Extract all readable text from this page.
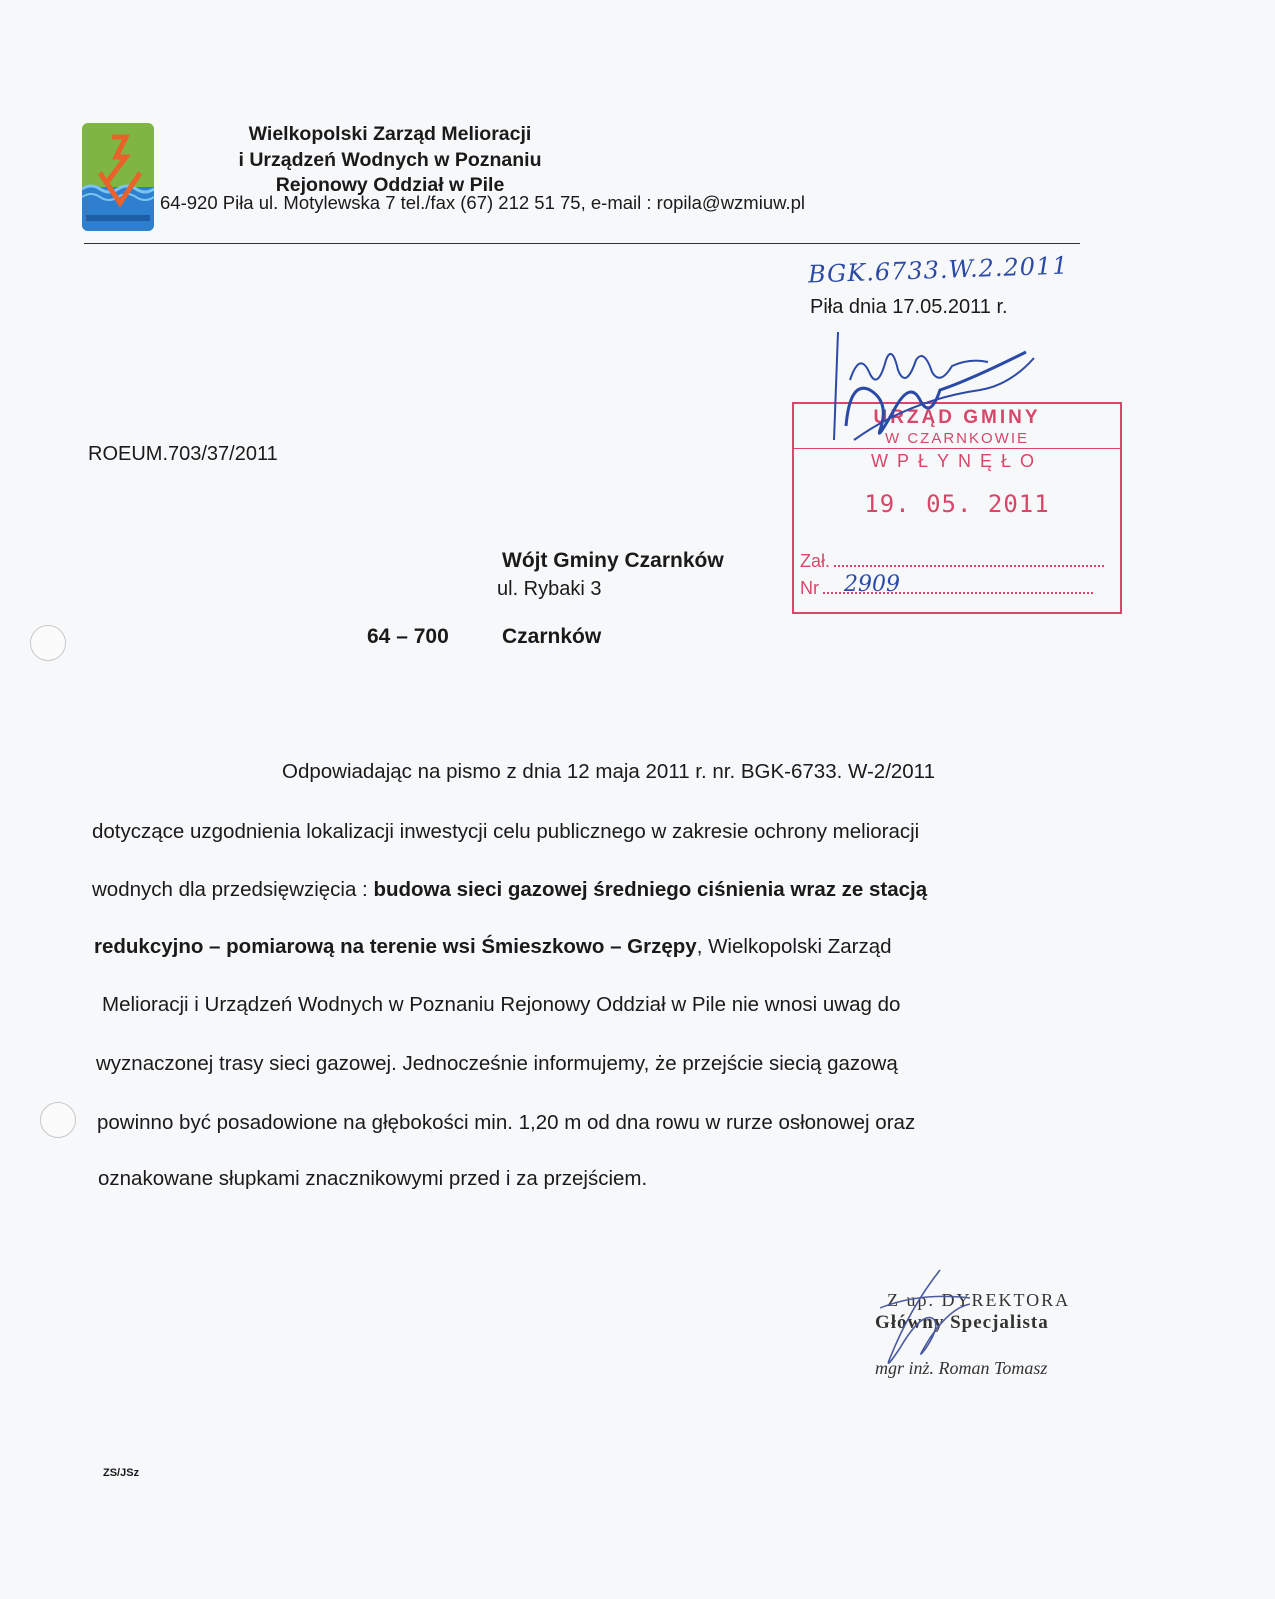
Wielkopolski Zarząd Melioracji
i Urządzeń Wodnych w Poznaniu
Rejonowy Oddział w Pile
64-920 Piła ul. Motylewska 7 tel./fax (67) 212 51 75, e-mail : ropila@wzmiuw.pl
BGK.6733.W.2.2011
Piła dnia 17.05.2011 r.
ROEUM.703/37/2011
URZĄD GMINY
W CZARNKOWIE
WPŁYNĘŁO
19. 05. 2011
Zał.
Nr	2909
Wójt Gminy Czarnków
ul. Rybaki 3
64 – 700	Czarnków
Odpowiadając na pismo z dnia 12 maja 2011 r. nr. BGK-6733. W-2/2011
dotyczące uzgodnienia lokalizacji inwestycji celu publicznego w zakresie ochrony melioracji
wodnych dla przedsięwzięcia : budowa sieci gazowej średniego ciśnienia wraz ze stacją
redukcyjno – pomiarową na terenie wsi Śmieszkowo – Grzępy, Wielkopolski Zarząd
Melioracji i Urządzeń Wodnych w Poznaniu Rejonowy Oddział w Pile nie wnosi uwag do
wyznaczonej trasy sieci gazowej. Jednocześnie informujemy, że przejście siecią gazową
powinno być posadowione na głębokości min. 1,20 m od dna rowu w rurze osłonowej oraz
oznakowane słupkami znacznikowymi przed i za przejściem.
Z up. DYREKTORA
Główny Specjalista
mgr inż. Roman Tomasz
ZS/JSz
